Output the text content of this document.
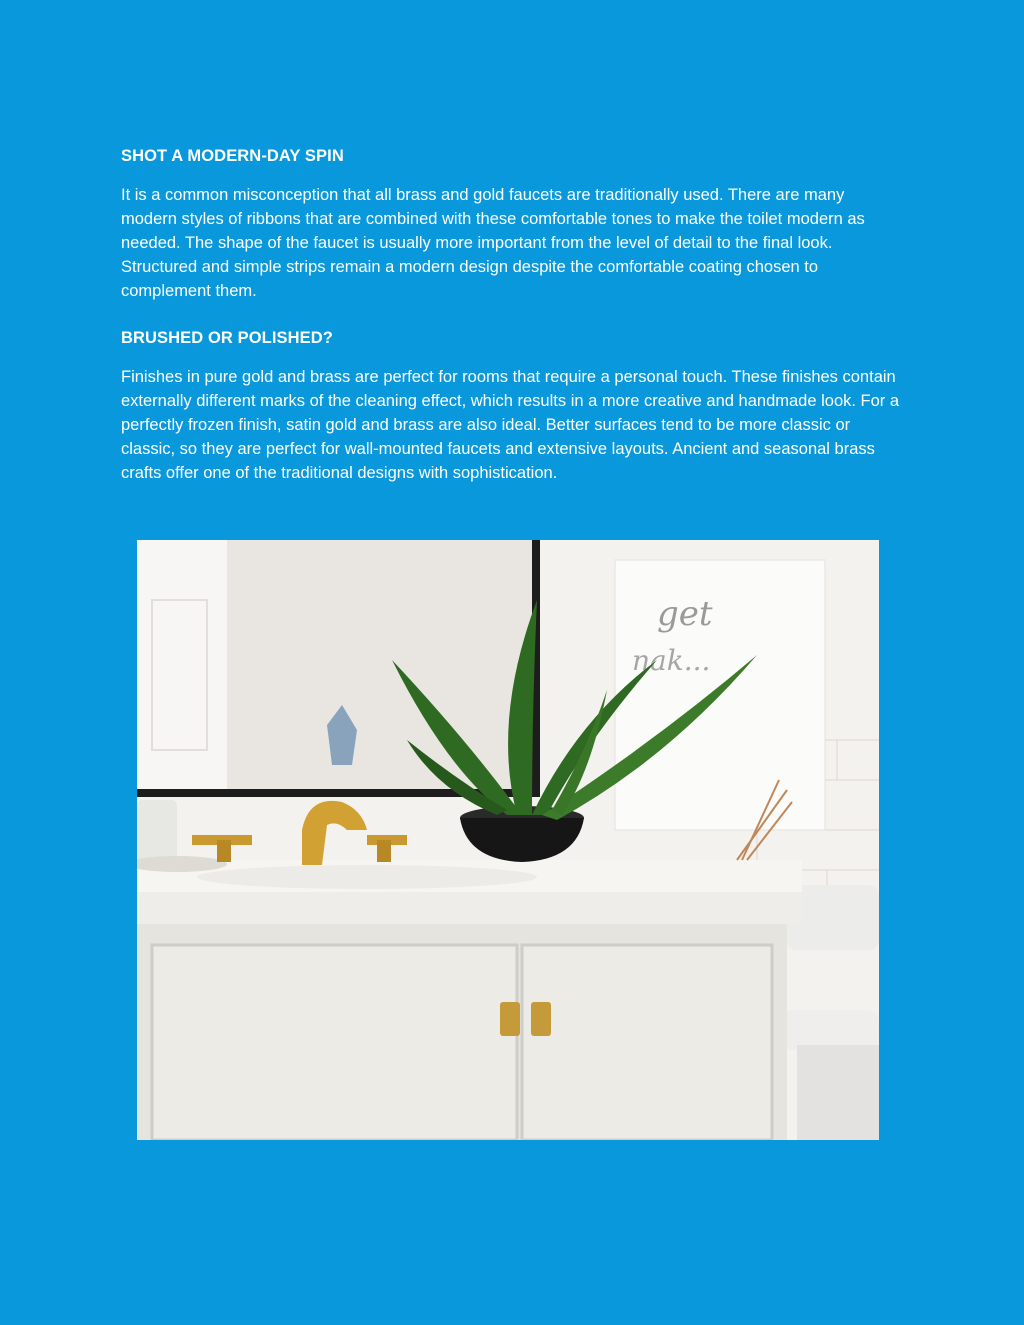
SHOT A MODERN-DAY SPIN

It is a common misconception that all brass and gold faucets are traditionally used. There are many modern styles of ribbons that are combined with these comfortable tones to make the toilet modern as needed. The shape of the faucet is usually more important from the level of detail to the final look. Structured and simple strips remain a modern design despite the comfortable coating chosen to complement them.

BRUSHED OR POLISHED?

Finishes in pure gold and brass are perfect for rooms that require a personal touch. These finishes contain externally different marks of the cleaning effect, which results in a more creative and handmade look. For a perfectly frozen finish, satin gold and brass are also ideal. Better surfaces tend to be more classic or classic, so they are perfect for wall-mounted faucets and extensive layouts. Ancient and seasonal brass crafts offer one of the traditional designs with sophistication.

get
nak...
